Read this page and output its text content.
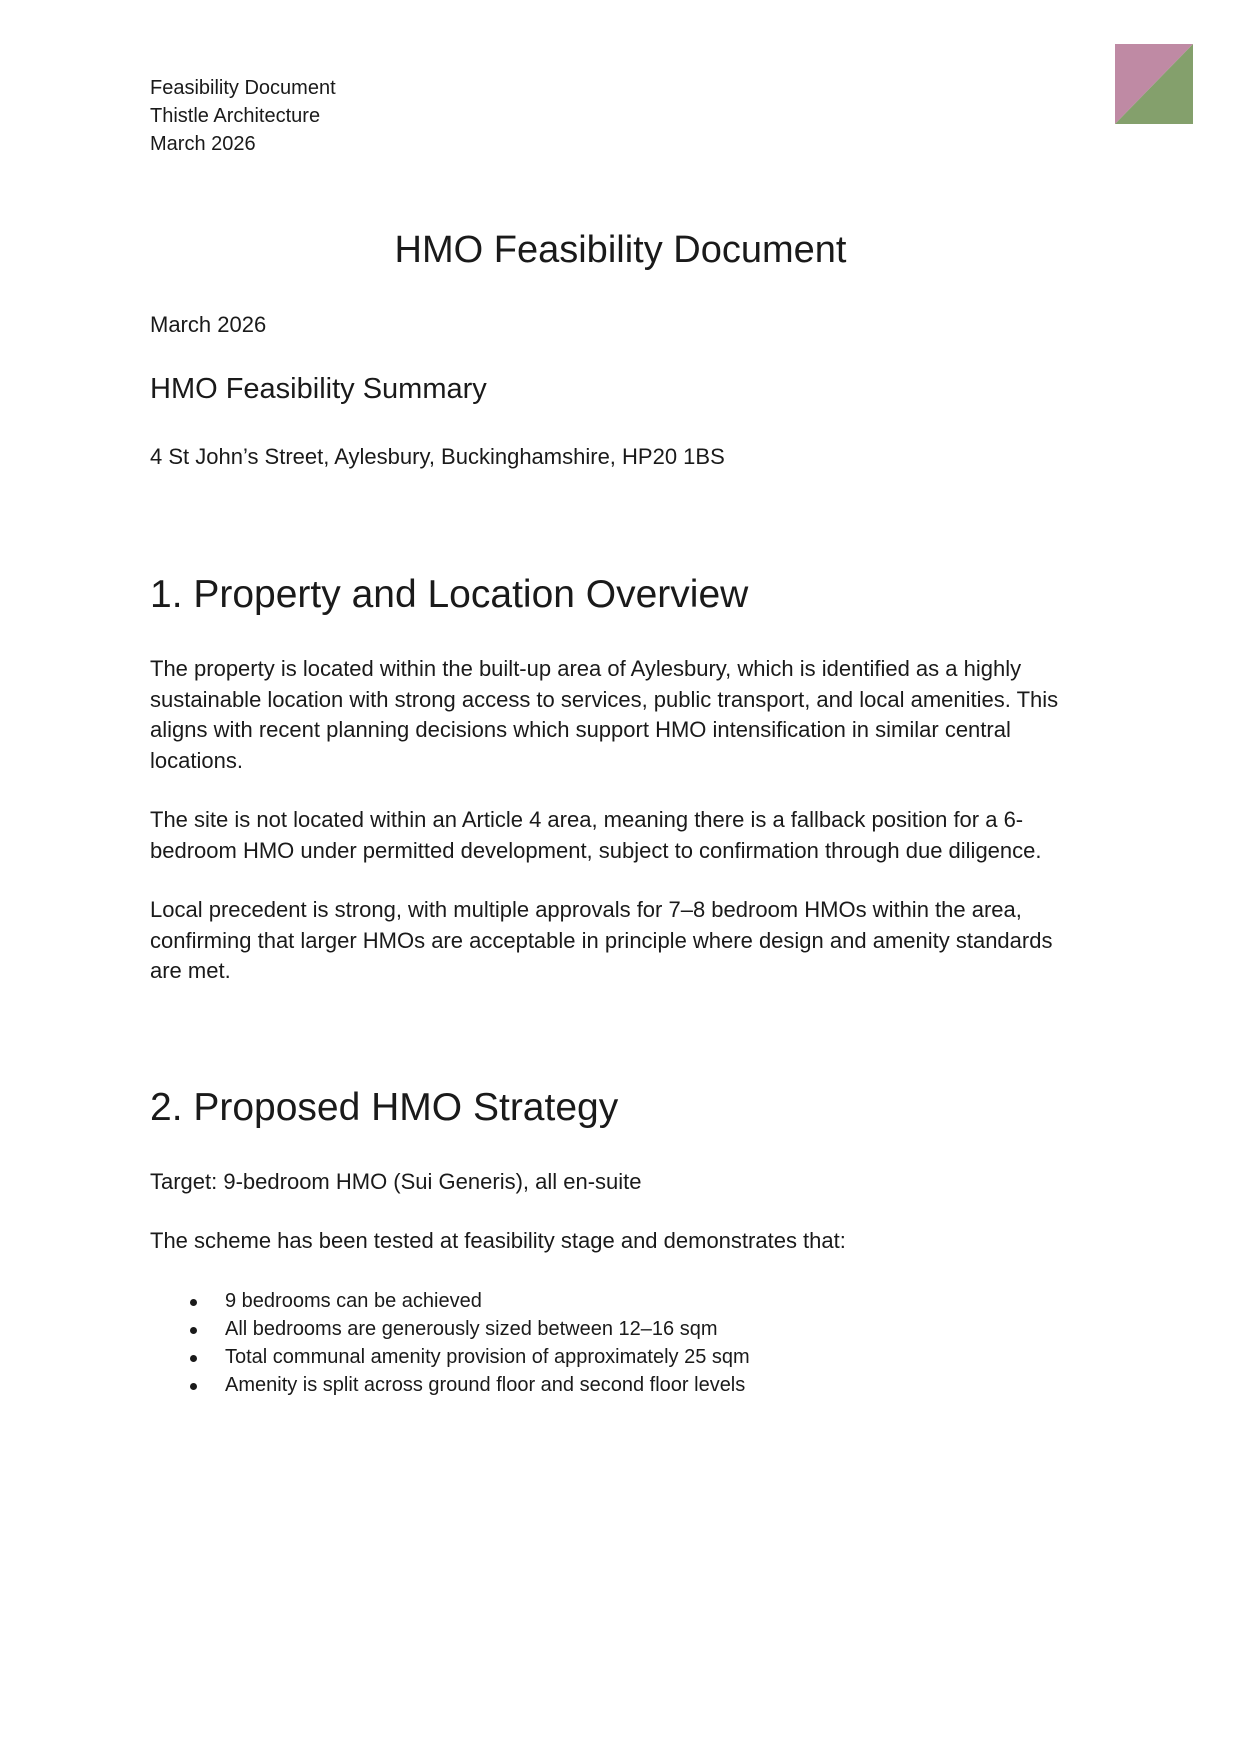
Feasibility Document
Thistle Architecture
March 2026
HMO Feasibility Document
March 2026
HMO Feasibility Summary
4 St John’s Street, Aylesbury, Buckinghamshire, HP20 1BS
1. Property and Location Overview

The property is located within the built-up area of Aylesbury, which is identified as a highly sustainable location with strong access to services, public transport, and local amenities. This aligns with recent planning decisions which support HMO intensification in similar central locations.

The site is not located within an Article 4 area, meaning there is a fallback position for a 6-bedroom HMO under permitted development, subject to confirmation through due diligence.

Local precedent is strong, with multiple approvals for 7–8 bedroom HMOs within the area, confirming that larger HMOs are acceptable in principle where design and amenity standards are met.

2. Proposed HMO Strategy

Target: 9-bedroom HMO (Sui Generis), all en-suite

The scheme has been tested at feasibility stage and demonstrates that:

9 bedrooms can be achieved
All bedrooms are generously sized between 12–16 sqm
Total communal amenity provision of approximately 25 sqm
Amenity is split across ground floor and second floor levels
